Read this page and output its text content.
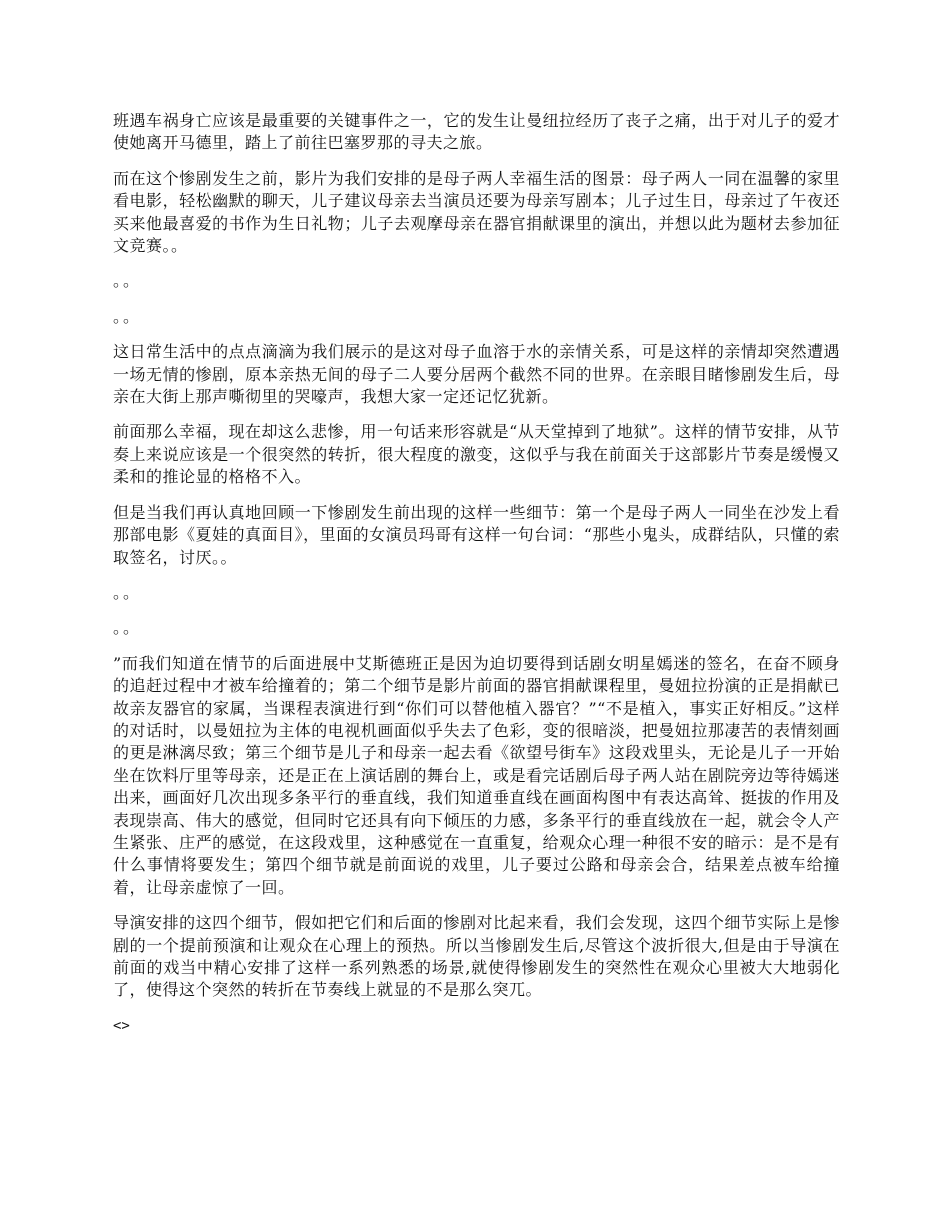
班遇车祸身亡应该是最重要的关键事件之一，它的发生让曼纽拉经历了丧子之痛，出于对儿子的爱才使她离开马德里，踏上了前往巴塞罗那的寻夫之旅。

而在这个惨剧发生之前，影片为我们安排的是母子两人幸福生活的图景：母子两人一同在温馨的家里看电影，轻松幽默的聊天，儿子建议母亲去当演员还要为母亲写剧本；儿子过生日，母亲过了午夜还买来他最喜爱的书作为生日礼物；儿子去观摩母亲在器官捐献课里的演出，并想以此为题材去参加征文竞赛。。

。。

。。

这日常生活中的点点滴滴为我们展示的是这对母子血溶于水的亲情关系，可是这样的亲情却突然遭遇一场无情的惨剧，原本亲热无间的母子二人要分居两个截然不同的世界。在亲眼目睹惨剧发生后，母亲在大街上那声嘶彻里的哭嚎声，我想大家一定还记忆犹新。

前面那么幸福，现在却这么悲惨，用一句话来形容就是“从天堂掉到了地狱”。这样的情节安排，从节奏上来说应该是一个很突然的转折，很大程度的激变，这似乎与我在前面关于这部影片节奏是缓慢又柔和的推论显的格格不入。

但是当我们再认真地回顾一下惨剧发生前出现的这样一些细节：第一个是母子两人一同坐在沙发上看那部电影《夏娃的真面目》，里面的女演员玛哥有这样一句台词：“那些小鬼头，成群结队，只懂的索取签名，讨厌。。

。。

。。

”而我们知道在情节的后面进展中艾斯德班正是因为迫切要得到话剧女明星嫣迷的签名，在奋不顾身的追赶过程中才被车给撞着的；第二个细节是影片前面的器官捐献课程里，曼妞拉扮演的正是捐献已故亲友器官的家属，当课程表演进行到“你们可以替他植入器官？”“不是植入，事实正好相反。”这样的对话时，以曼妞拉为主体的电视机画面似乎失去了色彩，变的很暗淡，把曼妞拉那凄苦的表情刻画的更是淋漓尽致；第三个细节是儿子和母亲一起去看《欲望号街车》这段戏里头，无论是儿子一开始坐在饮料厅里等母亲，还是正在上演话剧的舞台上，或是看完话剧后母子两人站在剧院旁边等待嫣迷出来，画面好几次出现多条平行的垂直线，我们知道垂直线在画面构图中有表达高耸、挺拔的作用及表现崇高、伟大的感觉，但同时它还具有向下倾压的力感，多条平行的垂直线放在一起，就会令人产生紧张、庄严的感觉，在这段戏里，这种感觉在一直重复，给观众心理一种很不安的暗示：是不是有什么事情将要发生；第四个细节就是前面说的戏里，儿子要过公路和母亲会合，结果差点被车给撞着，让母亲虚惊了一回。

导演安排的这四个细节，假如把它们和后面的惨剧对比起来看，我们会发现，这四个细节实际上是惨剧的一个提前预演和让观众在心理上的预热。所以当惨剧发生后,尽管这个波折很大,但是由于导演在前面的戏当中精心安排了这样一系列熟悉的场景,就使得惨剧发生的突然性在观众心里被大大地弱化了，使得这个突然的转折在节奏线上就显的不是那么突兀。

<>
